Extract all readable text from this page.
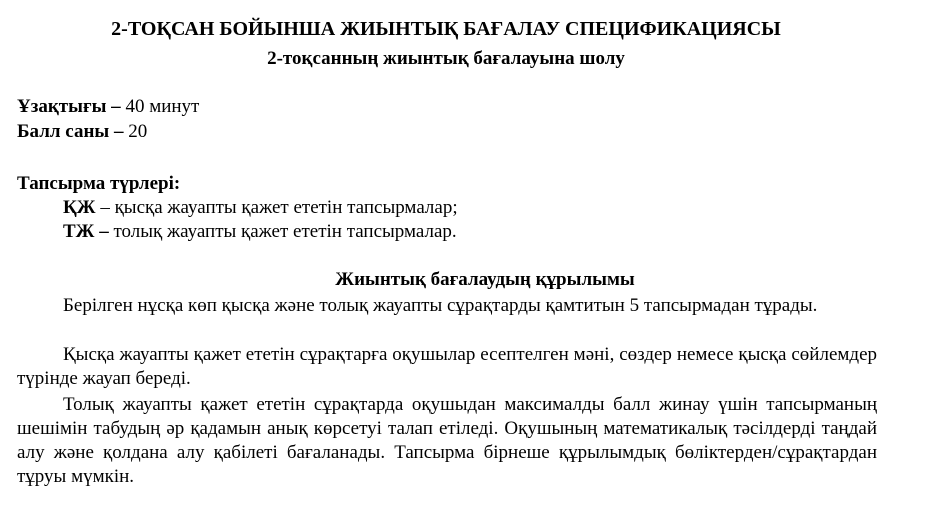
2-ТОҚСАН БОЙЫНША ЖИЫНТЫҚ БАҒАЛАУ СПЕЦИФИКАЦИЯСЫ
2-тоқсанның жиынтық бағалауына шолу
Ұзақтығы – 40 минут
Балл саны – 20
Тапсырма түрлері:
ҚЖ – қысқа жауапты қажет ететін тапсырмалар;
ТЖ – толық жауапты қажет ететін тапсырмалар.
Жиынтық бағалаудың құрылымы
Берілген нұсқа көп қысқа және толық жауапты сұрақтарды қамтитын 5 тапсырмадан тұрады.
Қысқа жауапты қажет ететін сұрақтарға оқушылар есептелген мәні, сөздер немесе қысқа сөйлемдер түрінде жауап береді.
Толық жауапты қажет ететін сұрақтарда оқушыдан максималды балл жинау үшін тапсырманың шешімін табудың әр қадамын анық көрсетуі талап етіледі. Оқушының математикалық тәсілдерді таңдай алу және қолдана алу қабілеті бағаланады. Тапсырма бірнеше құрылымдық бөліктерден/сұрақтардан тұруы мүмкін.
